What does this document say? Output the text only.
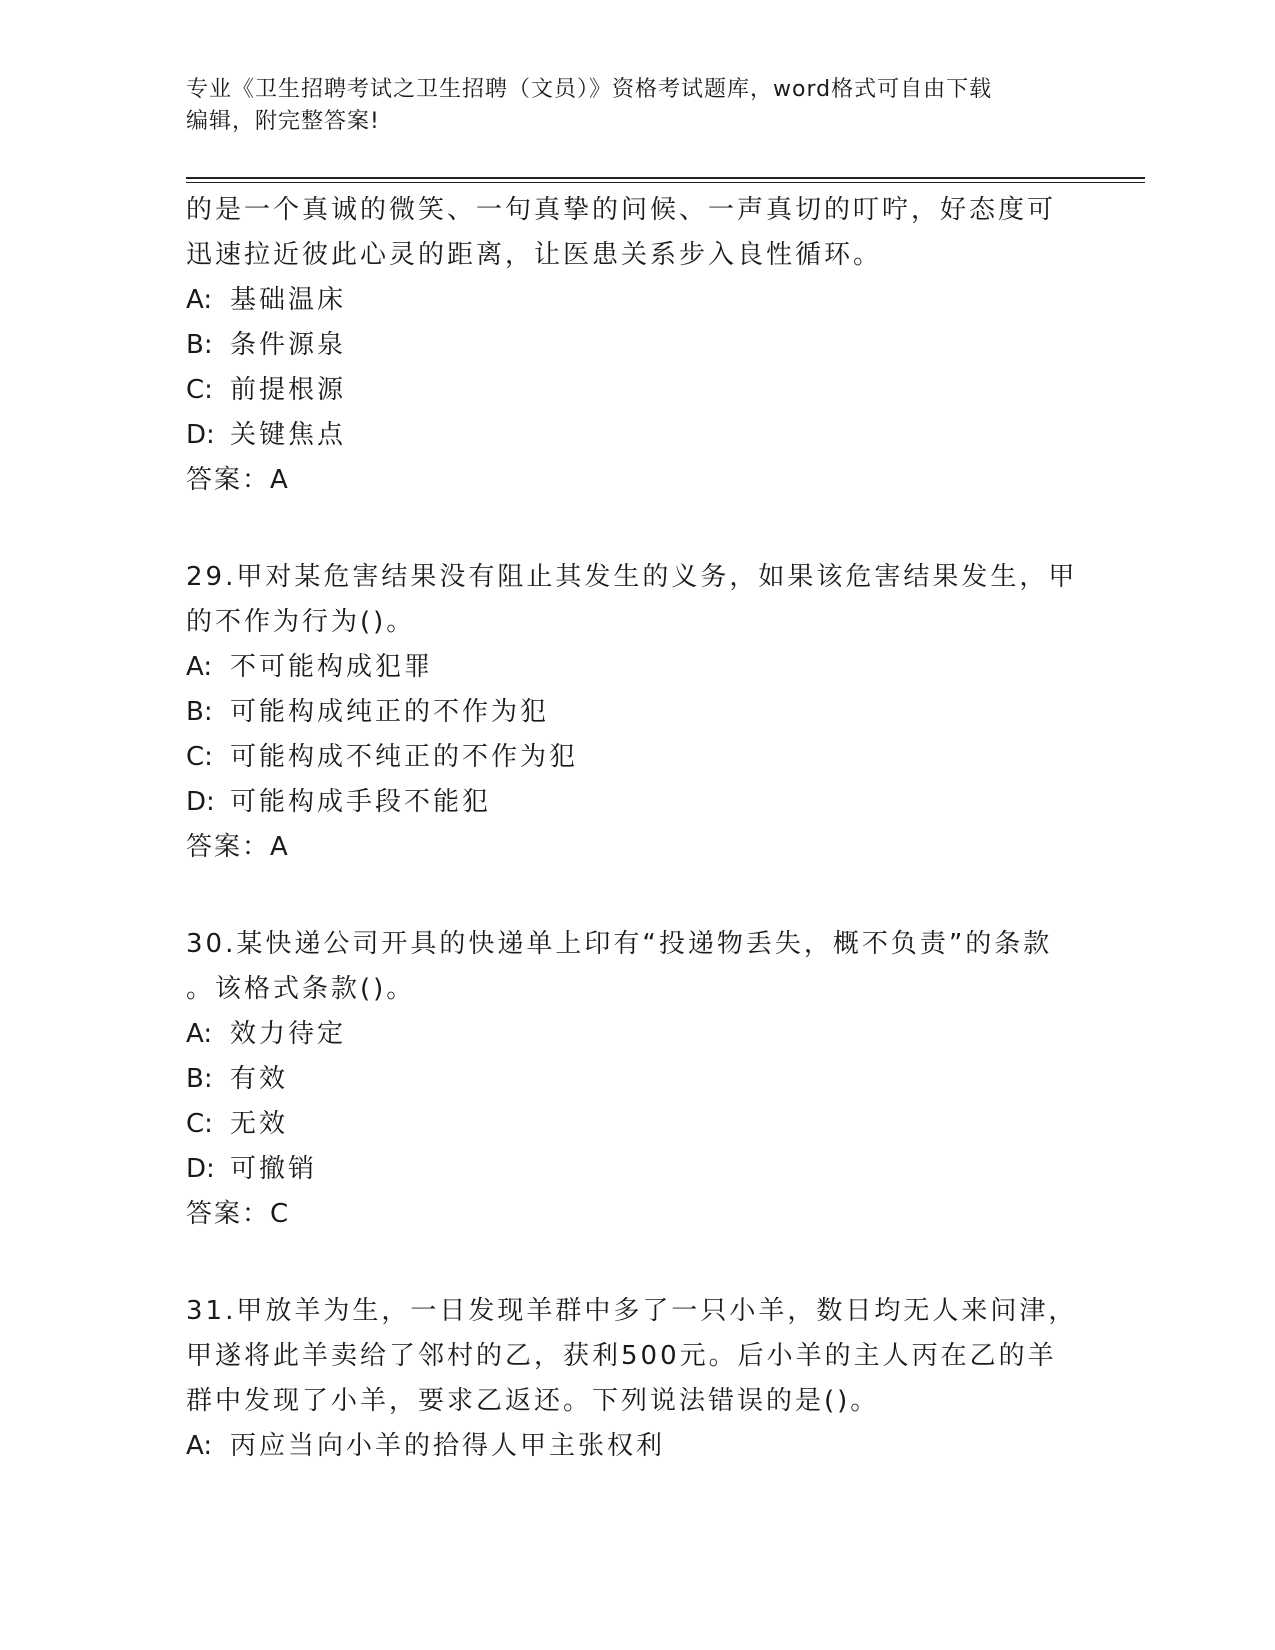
专业《卫生招聘考试之卫生招聘（文员）》资格考试题库，word格式可自由下载
编辑，附完整答案!
的是一个真诚的微笑、一句真挚的问候、一声真切的叮咛，好态度可
迅速拉近彼此心灵的距离，让医患关系步入良性循环。
A: 基础温床
B: 条件源泉
C: 前提根源
D: 关键焦点
答案：A
29.甲对某危害结果没有阻止其发生的义务，如果该危害结果发生，甲
的不作为行为()。
A: 不可能构成犯罪
B: 可能构成纯正的不作为犯
C: 可能构成不纯正的不作为犯
D: 可能构成手段不能犯
答案：A
30.某快递公司开具的快递单上印有“投递物丢失，概不负责”的条款
。该格式条款()。
A: 效力待定
B: 有效
C: 无效
D: 可撤销
答案：C
31.甲放羊为生，一日发现羊群中多了一只小羊，数日均无人来问津，
甲遂将此羊卖给了邻村的乙，获利500元。后小羊的主人丙在乙的羊
群中发现了小羊，要求乙返还。下列说法错误的是()。
A: 丙应当向小羊的拾得人甲主张权利
